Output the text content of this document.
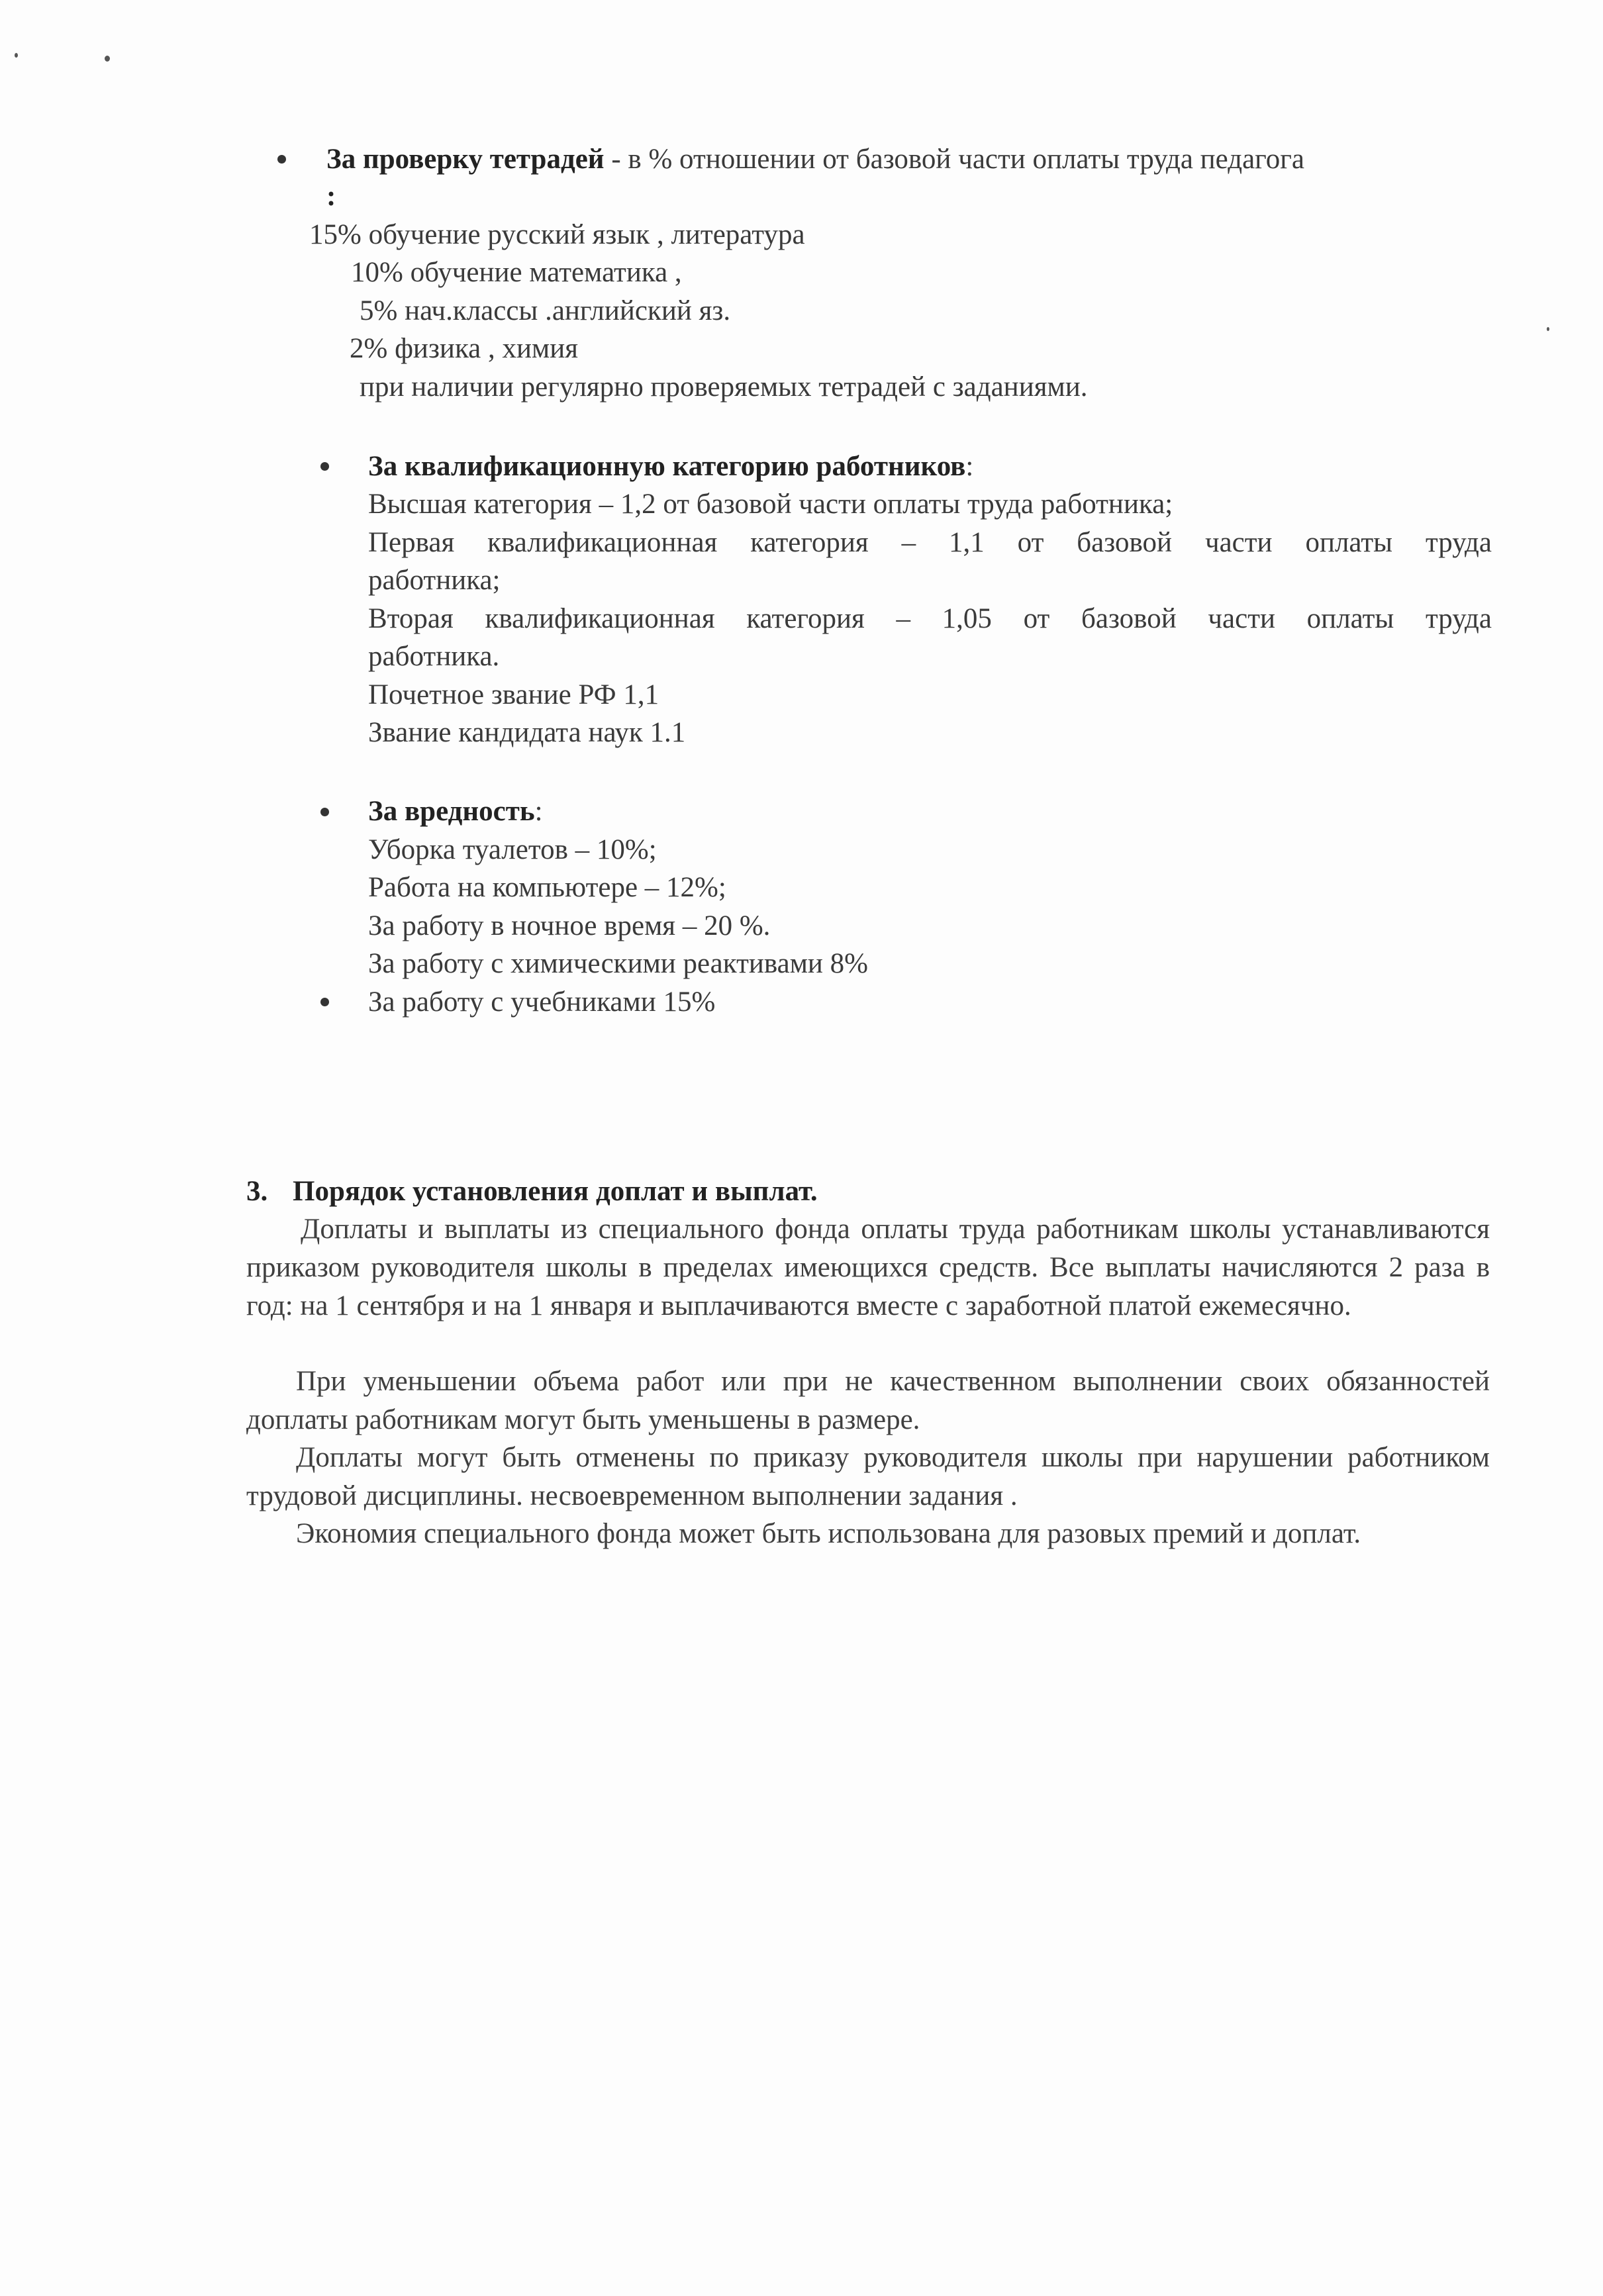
За проверку тетрадей - в % отношении от базовой части оплаты труда педагога
:
15% обучение русский язык , литература
10% обучение математика ,
5% нач.классы .английский яз.
2% физика , химия
при наличии регулярно проверяемых тетрадей с заданиями.
За квалификационную категорию работников:
Высшая категория – 1,2 от базовой части оплаты труда работника;
Первая квалификационная категория – 1,1 от базовой части оплаты труда
работника;
Вторая квалификационная категория – 1,05 от базовой части оплаты труда
работника.
Почетное звание РФ 1,1
Звание кандидата наук 1.1
За вредность:
Уборка туалетов – 10%;
Работа на компьютере – 12%;
За работу в ночное время – 20 %.
За работу с химическими реактивами 8%
За работу с учебниками 15%
3. Порядок установления доплат и выплат.
Доплаты и выплаты из специального фонда оплаты труда работникам школы устанавливаются приказом руководителя школы в пределах имеющихся средств. Все выплаты начисляются 2 раза в год: на 1 сентября и на 1 января и выплачиваются вместе с заработной платой ежемесячно.
При уменьшении объема работ или при не качественном выполнении своих обязанностей доплаты работникам могут быть уменьшены в размере.
Доплаты могут быть отменены по приказу руководителя школы при нарушении работником трудовой дисциплины. несвоевременном выполнении задания .
Экономия специального фонда может быть использована для разовых премий и доплат.
